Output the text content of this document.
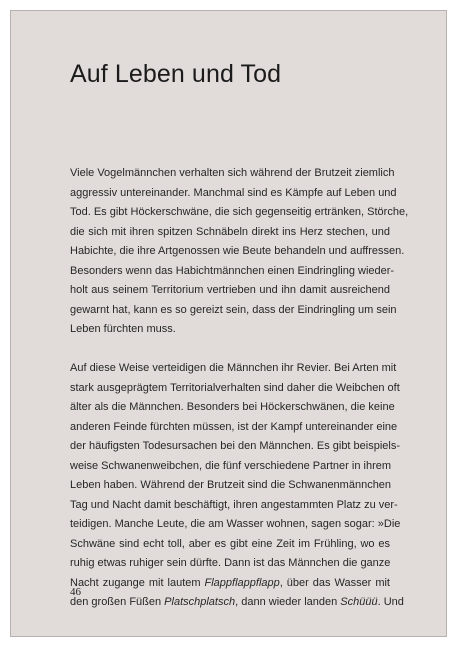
Auf Leben und Tod
Viele Vogelmännchen verhalten sich während der Brutzeit ziemlich
aggressiv untereinander. Manchmal sind es Kämpfe auf Leben und
Tod. Es gibt Höckerschwäne, die sich gegenseitig ertränken, Störche,
die sich mit ihren spitzen Schnäbeln direkt ins Herz stechen, und
Habichte, die ihre Artgenossen wie Beute behandeln und auffressen.
Besonders wenn das Habichtmännchen einen Eindringling wieder-
holt aus seinem Territorium vertrieben und ihn damit ausreichend
gewarnt hat, kann es so gereizt sein, dass der Eindringling um sein
Leben fürchten muss.
Auf diese Weise verteidigen die Männchen ihr Revier. Bei Arten mit
stark ausgeprägtem Territorialverhalten sind daher die Weibchen oft
älter als die Männchen. Besonders bei Höckerschwänen, die keine
anderen Feinde fürchten müssen, ist der Kampf untereinander eine
der häufigsten Todesursachen bei den Männchen. Es gibt beispiels-
weise Schwanenweibchen, die fünf verschiedene Partner in ihrem
Leben haben. Während der Brutzeit sind die Schwanenmännchen
Tag und Nacht damit beschäftigt, ihren angestammten Platz zu ver-
teidigen. Manche Leute, die am Wasser wohnen, sagen sogar: »Die
Schwäne sind echt toll, aber es gibt eine Zeit im Frühling, wo es
ruhig etwas ruhiger sein dürfte. Dann ist das Männchen die ganze
Nacht zugange mit lautem Flappflappflapp, über das Wasser mit
den großen Füßen Platschplatsch, dann wieder landen Schüüü. Und
46
